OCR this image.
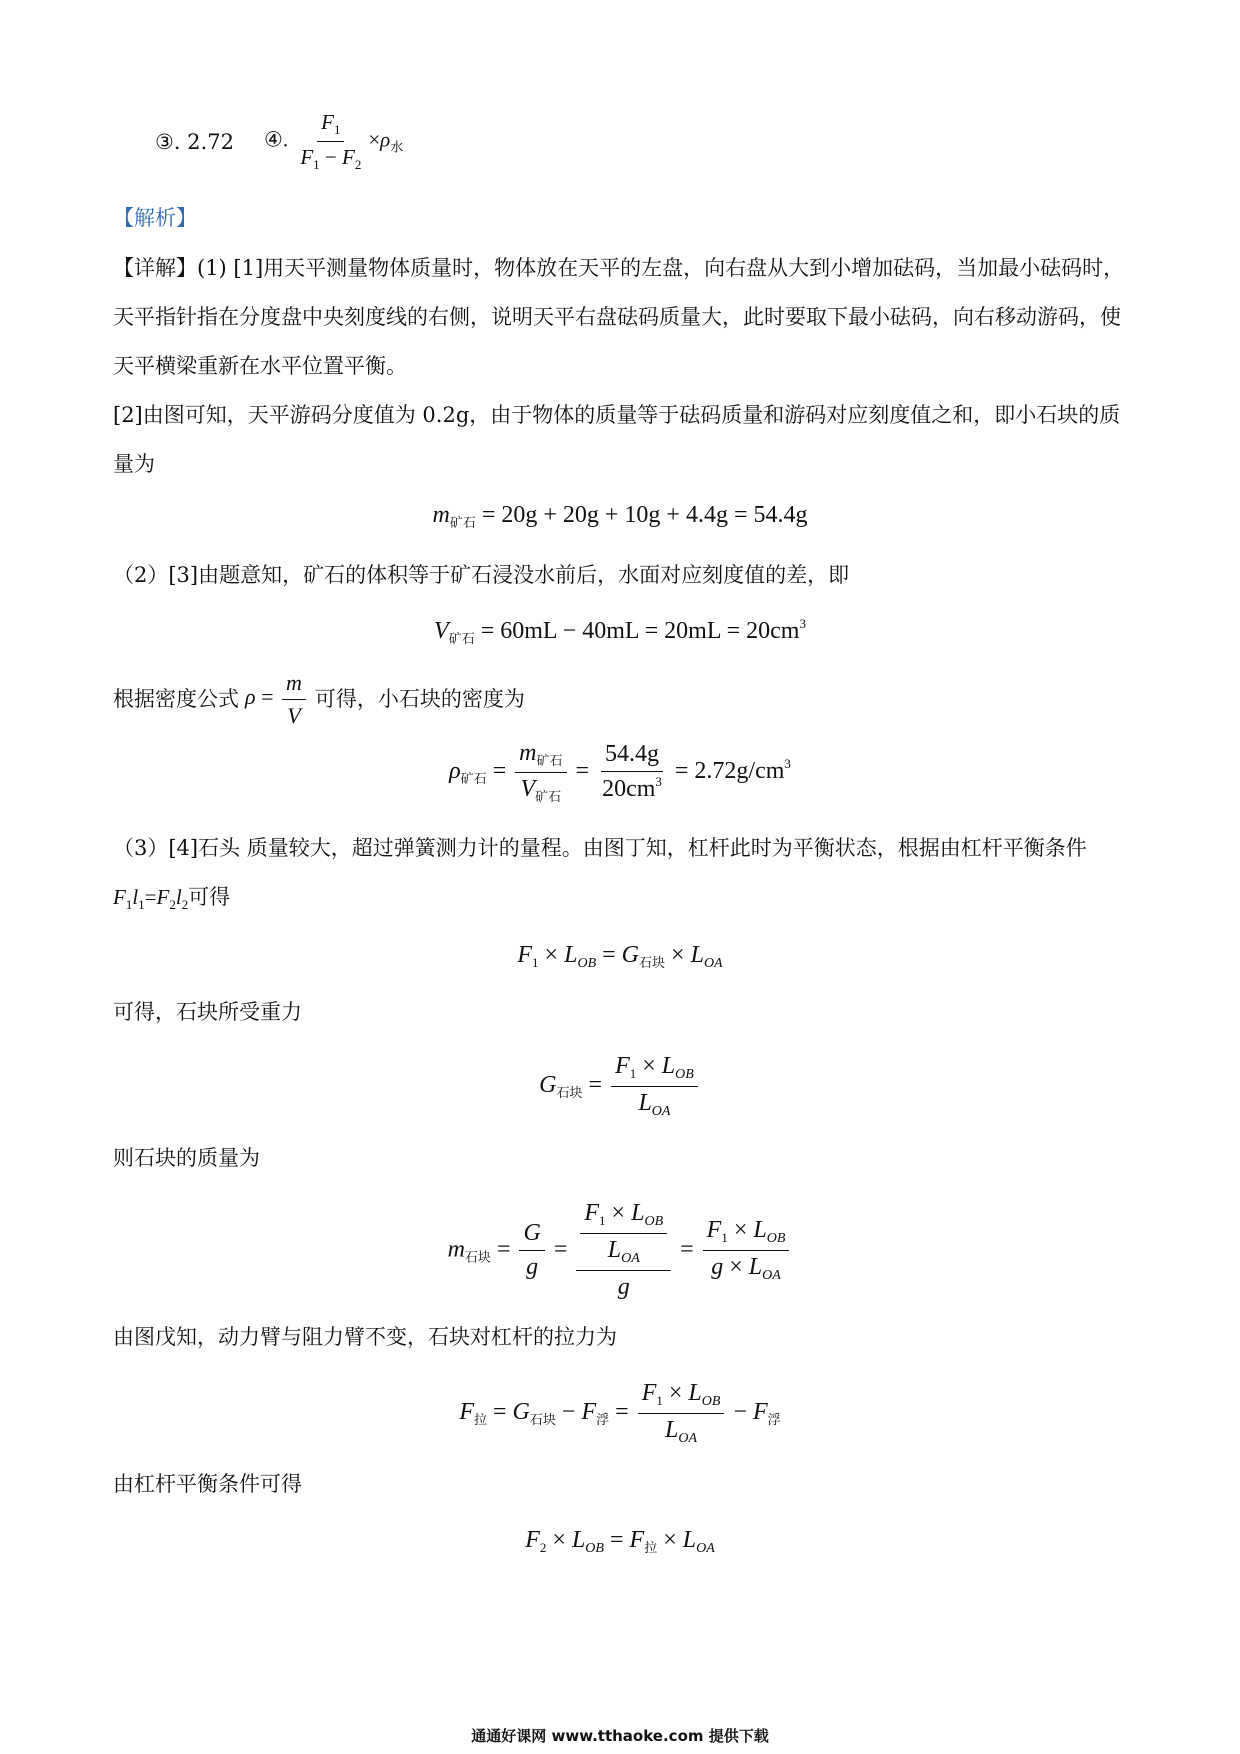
③. 2.72 ④. $\frac{F_1}{F_1 - F_2} \times\rho_水$
【解析】
【详解】(1) [1]用天平测量物体质量时，物体放在天平的左盘，向右盘从大到小增加砝码，当加最小砝码时，天平指针指在分度盘中央刻度线的右侧，说明天平右盘砝码质量大，此时要取下最小砝码，向右移动游码，使天平横梁重新在水平位置平衡。
[2]由图可知，天平游码分度值为 0.2g，由于物体的质量等于砝码质量和游码对应刻度值之和，即小石块的质量为
$m_{矿石} = 20g + 20g + 10g + 4.4g = 54.4g$
（2）[3]由题意知，矿石的体积等于矿石浸没水前后，水面对应刻度值的差，即
$V_{矿石} = 60mL - 40mL = 20mL = 20cm^3$
根据密度公式 $\rho = \frac{m}{V}$ 可得，小石块的密度为
$\rho_{矿石} = \frac{m_{矿石}}{V_{矿石}} = \frac{54.4g}{20cm^3} = 2.72g/cm^3$
（3）[4]石头 质量较大，超过弹簧测力计的量程。由图丁知，杠杆此时为平衡状态，根据由杠杆平衡条件
$F_1l_1=F_2l_2$可得
$F_1 \times L_{OB} = G_{石块} \times L_{OA}$
可得，石块所受重力
$G_{石块} = \frac{F_1 \times L_{OB}}{L_{OA}}$
则石块的质量为
$m_{石块} = \frac{G}{g} = \frac{\frac{F_1 \times L_{OB}}{L_{OA}}}{g} = \frac{F_1 \times L_{OB}}{g \times L_{OA}}$
由图戊知，动力臂与阻力臂不变，石块对杠杆的拉力为
$F_拉 = G_{石块} - F_浮 = \frac{F_1 \times L_{OB}}{L_{OA}} - F_浮$
由杠杆平衡条件可得
$F_2 \times L_{OB} = F_拉 \times L_{OA}$
通通好课网 www.tthaoke.com 提供下载
